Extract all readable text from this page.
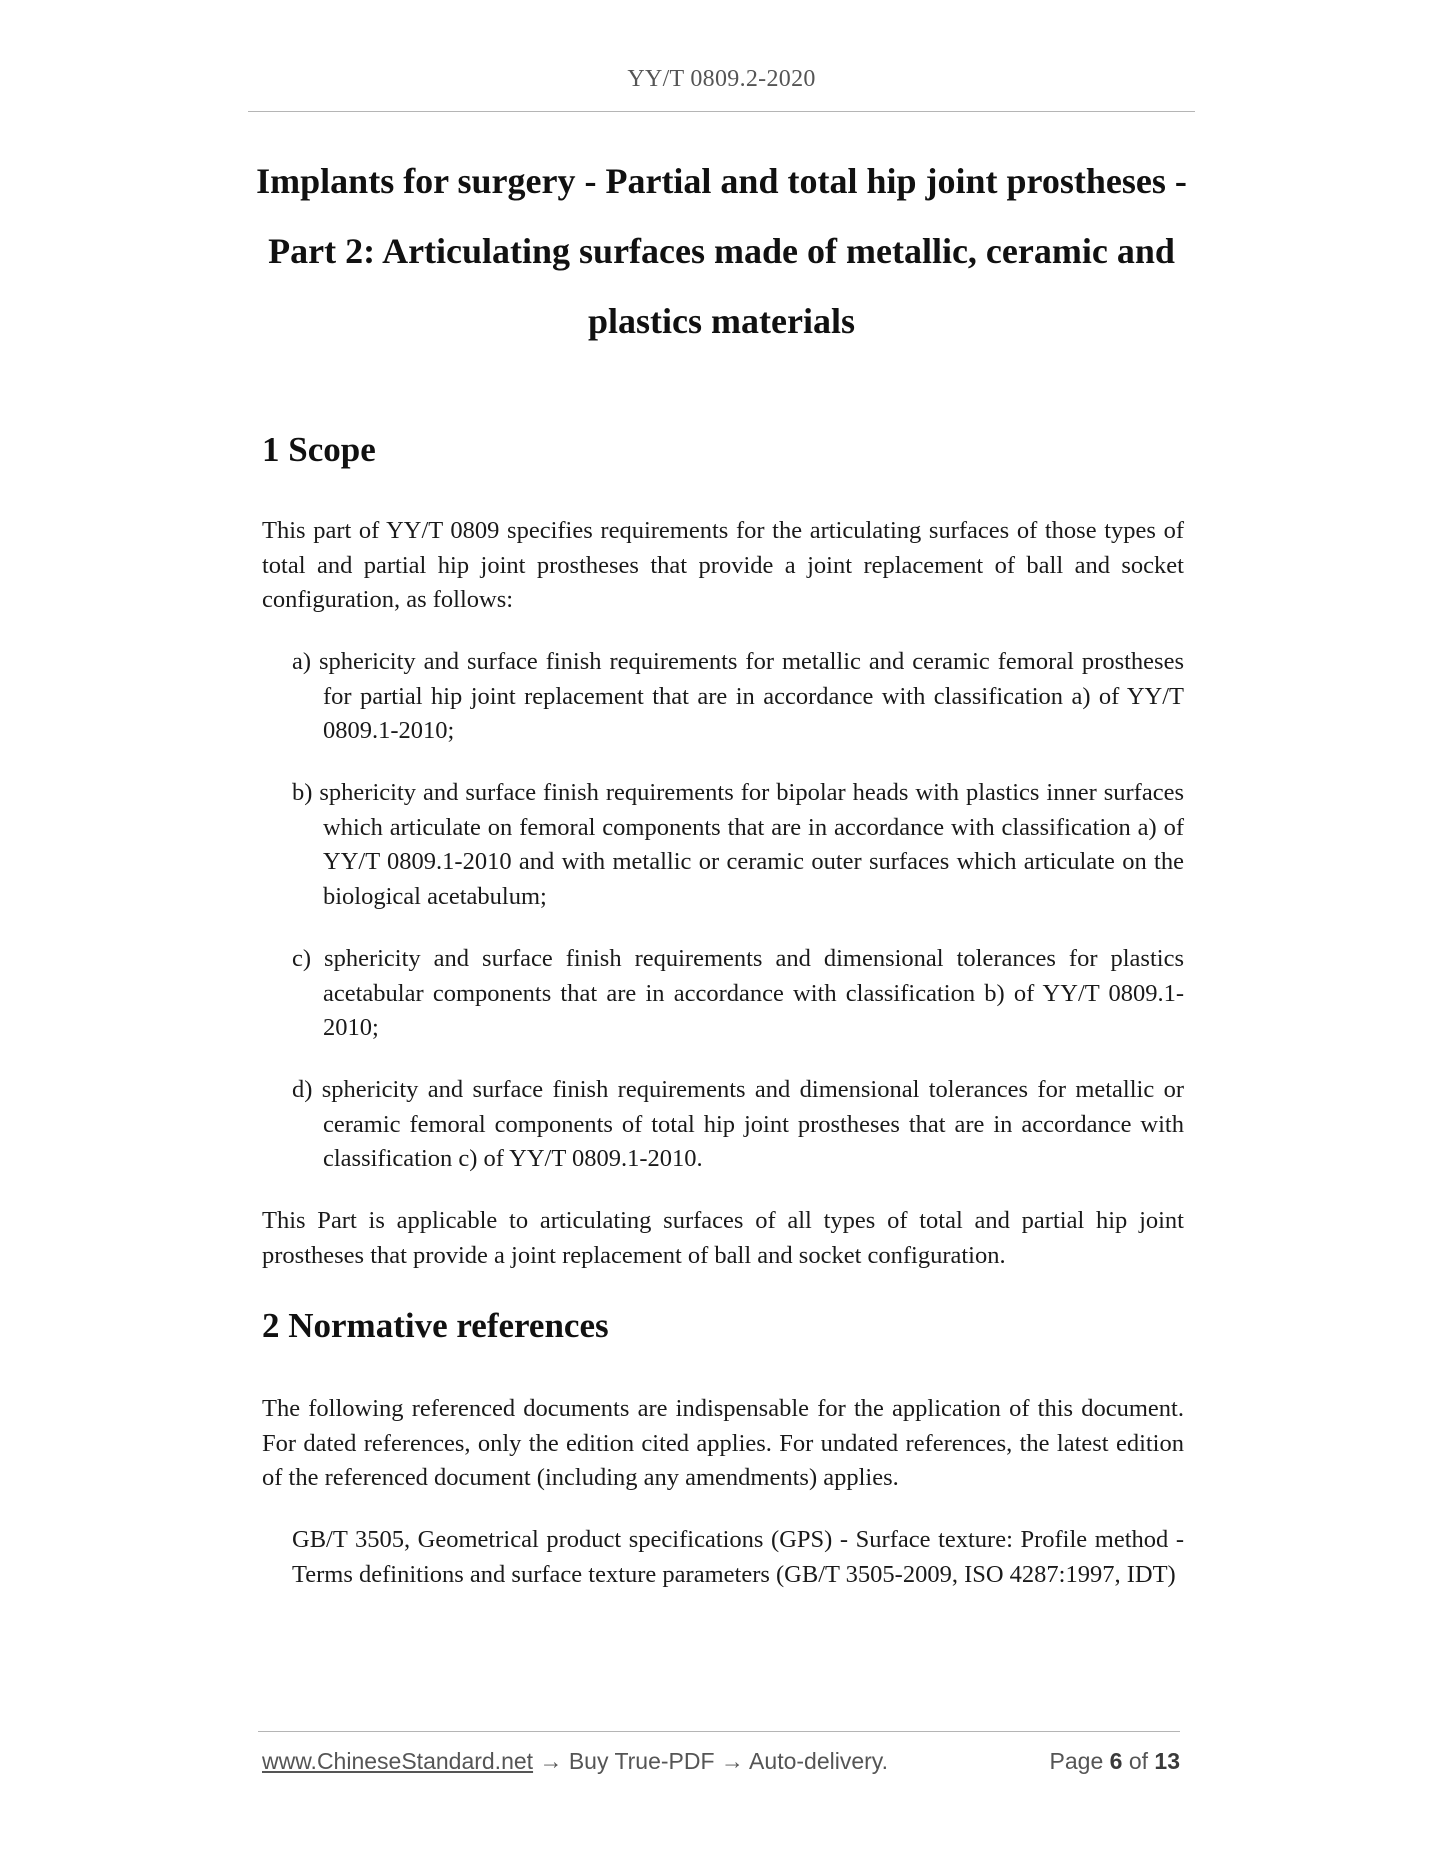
YY/T 0809.2-2020
Implants for surgery - Partial and total hip joint prostheses -
Part 2: Articulating surfaces made of metallic, ceramic and
plastics materials
1 Scope

This part of YY/T 0809 specifies requirements for the articulating surfaces of those types of total and partial hip joint prostheses that provide a joint replacement of ball and socket configuration, as follows:

a) sphericity and surface finish requirements for metallic and ceramic femoral prostheses for partial hip joint replacement that are in accordance with classification a) of YY/T 0809.1-2010;

b) sphericity and surface finish requirements for bipolar heads with plastics inner surfaces which articulate on femoral components that are in accordance with classification a) of YY/T 0809.1-2010 and with metallic or ceramic outer surfaces which articulate on the biological acetabulum;

c) sphericity and surface finish requirements and dimensional tolerances for plastics acetabular components that are in accordance with classification b) of YY/T 0809.1-2010;

d) sphericity and surface finish requirements and dimensional tolerances for metallic or ceramic femoral components of total hip joint prostheses that are in accordance with classification c) of YY/T 0809.1-2010.

This Part is applicable to articulating surfaces of all types of total and partial hip joint prostheses that provide a joint replacement of ball and socket configuration.

2 Normative references

The following referenced documents are indispensable for the application of this document. For dated references, only the edition cited applies. For undated references, the latest edition of the referenced document (including any amendments) applies.

GB/T 3505, Geometrical product specifications (GPS) - Surface texture: Profile method - Terms definitions and surface texture parameters (GB/T 3505-2009, ISO 4287:1997, IDT)

www.ChineseStandard.net → Buy True-PDF → Auto-delivery.	Page 6 of 13
